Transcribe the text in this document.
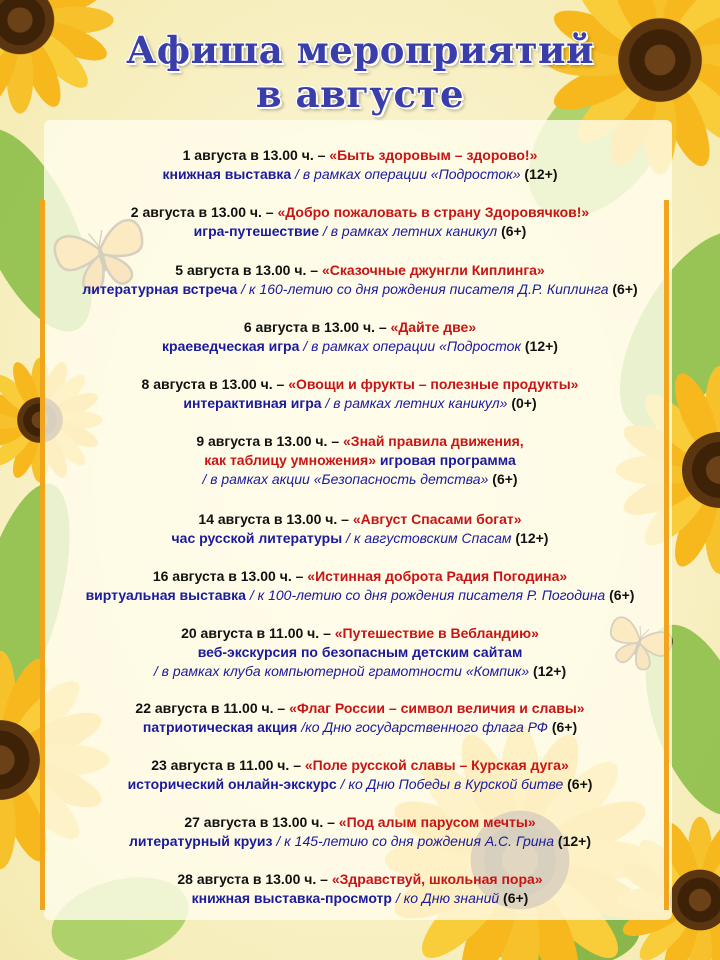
Афиша мероприятий
в августе
1 августа в 13.00 ч. – «Быть здоровым – здорово!»
книжная выставка / в рамках операции «Подросток» (12+)
2 августа в 13.00 ч. – «Добро пожаловать в страну Здоровячков!»
игра-путешествие / в рамках летних каникул (6+)
5 августа в 13.00 ч. – «Сказочные джунгли Киплинга»
литературная встреча / к 160-летию со дня рождения писателя Д.Р. Киплинга (6+)
6 августа в 13.00 ч. – «Дайте две»
краеведческая игра / в рамках операции «Подросток (12+)
8 августа в 13.00 ч. – «Овощи и фрукты – полезные продукты»
интерактивная игра / в рамках летних каникул» (0+)
9 августа в 13.00 ч. – «Знай правила движения,
как таблицу умножения» игровая программа
/ в рамках акции «Безопасность детства» (6+)
14 августа в 13.00 ч. – «Август Спасами богат»
час русской литературы / к августовским Спасам (12+)
16 августа в 13.00 ч. – «Истинная доброта Радия Погодина»
виртуальная выставка / к 100-летию со дня рождения писателя Р. Погодина (6+)
20 августа в 11.00 ч. – «Путешествие в Веблaндию»
веб-экскурсия по безопасным детским сайтам
/ в рамках клуба компьютерной грамотности «Компик» (12+)
22 августа в 11.00 ч. – «Флаг России – символ величия и славы»
патриотическая акция /ко Дню государственного флага РФ (6+)
23 августа в 11.00 ч. – «Поле русской славы – Курская дуга»
исторический онлайн-экскурс / ко Дню Победы в Курской битве (6+)
27 августа в 13.00 ч. – «Под алым парусом мечты»
литературный круиз / к 145-летию со дня рождения А.С. Грина (12+)
28 августа в 13.00 ч. – «Здравствуй, школьная пора»
книжная выставка-просмотр / ко Дню знаний (6+)
